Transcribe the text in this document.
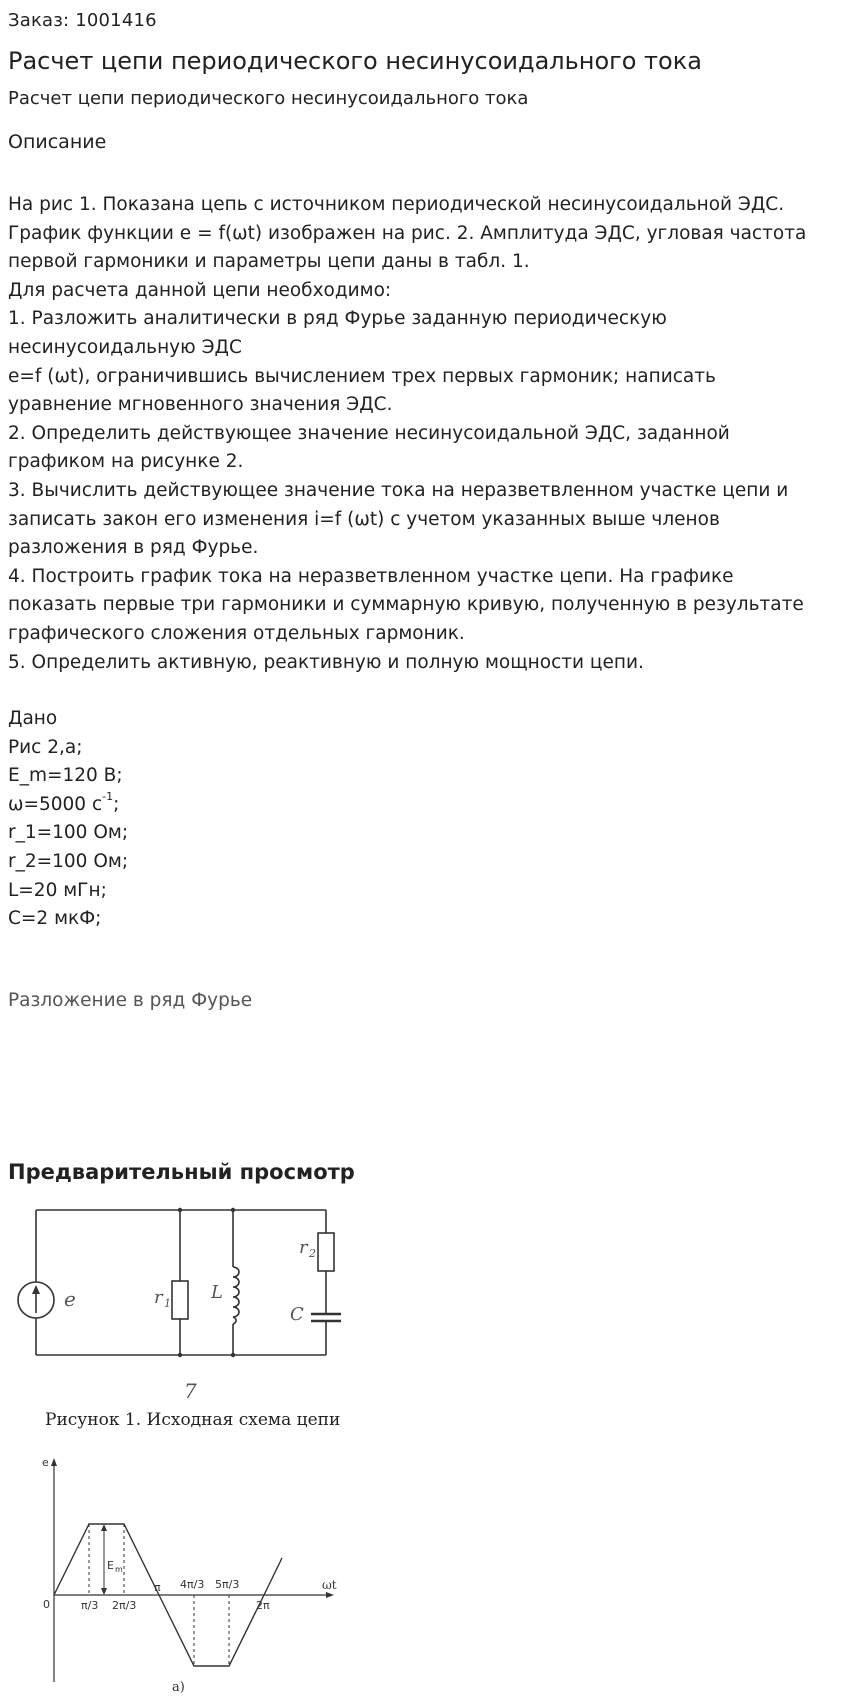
Заказ: 1001416
Расчет цепи периодического несинусоидального тока
Расчет цепи периодического несинусоидального тока
Описание
На рис 1. Показана цепь с источником периодической несинусоидальной ЭДС.
График функции e = f(ωt) изображен на рис. 2. Амплитуда ЭДС, угловая частота
первой гармоники и параметры цепи даны в табл. 1.
Для расчета данной цепи необходимо:
1. Разложить аналитически в ряд Фурье заданную периодическую
несинусоидальную ЭДС
e=f (ωt), ограничившись вычислением трех первых гармоник; написать
уравнение мгновенного значения ЭДС.
2. Определить действующее значение несинусоидальной ЭДС, заданной
графиком на рисунке 2.
3. Вычислить действующее значение тока на неразветвленном участке цепи и
записать закон его изменения i=f (ωt) с учетом указанных выше членов
разложения в ряд Фурье.
4. Построить график тока на неразветвленном участке цепи. На графике
показать первые три гармоники и суммарную кривую, полученную в результате
графического сложения отдельных гармоник.
5. Определить активную, реактивную и полную мощности цепи.
Дано
Рис 2,а;
E_m=120 В;
ω=5000 $с^{-1}$;
r_1=100 Ом;
r_2=100 Ом;
L=20 мГн;
C=2 мкФ;
Разложение в ряд Фурье
Предварительный просмотр
e	r 1
L
r 2
C
7
Рисунок 1. Исходная схема цепи
e
ωt
0
E m
π/3 2π/3
π 4π/3 5π/3
2π
а)
